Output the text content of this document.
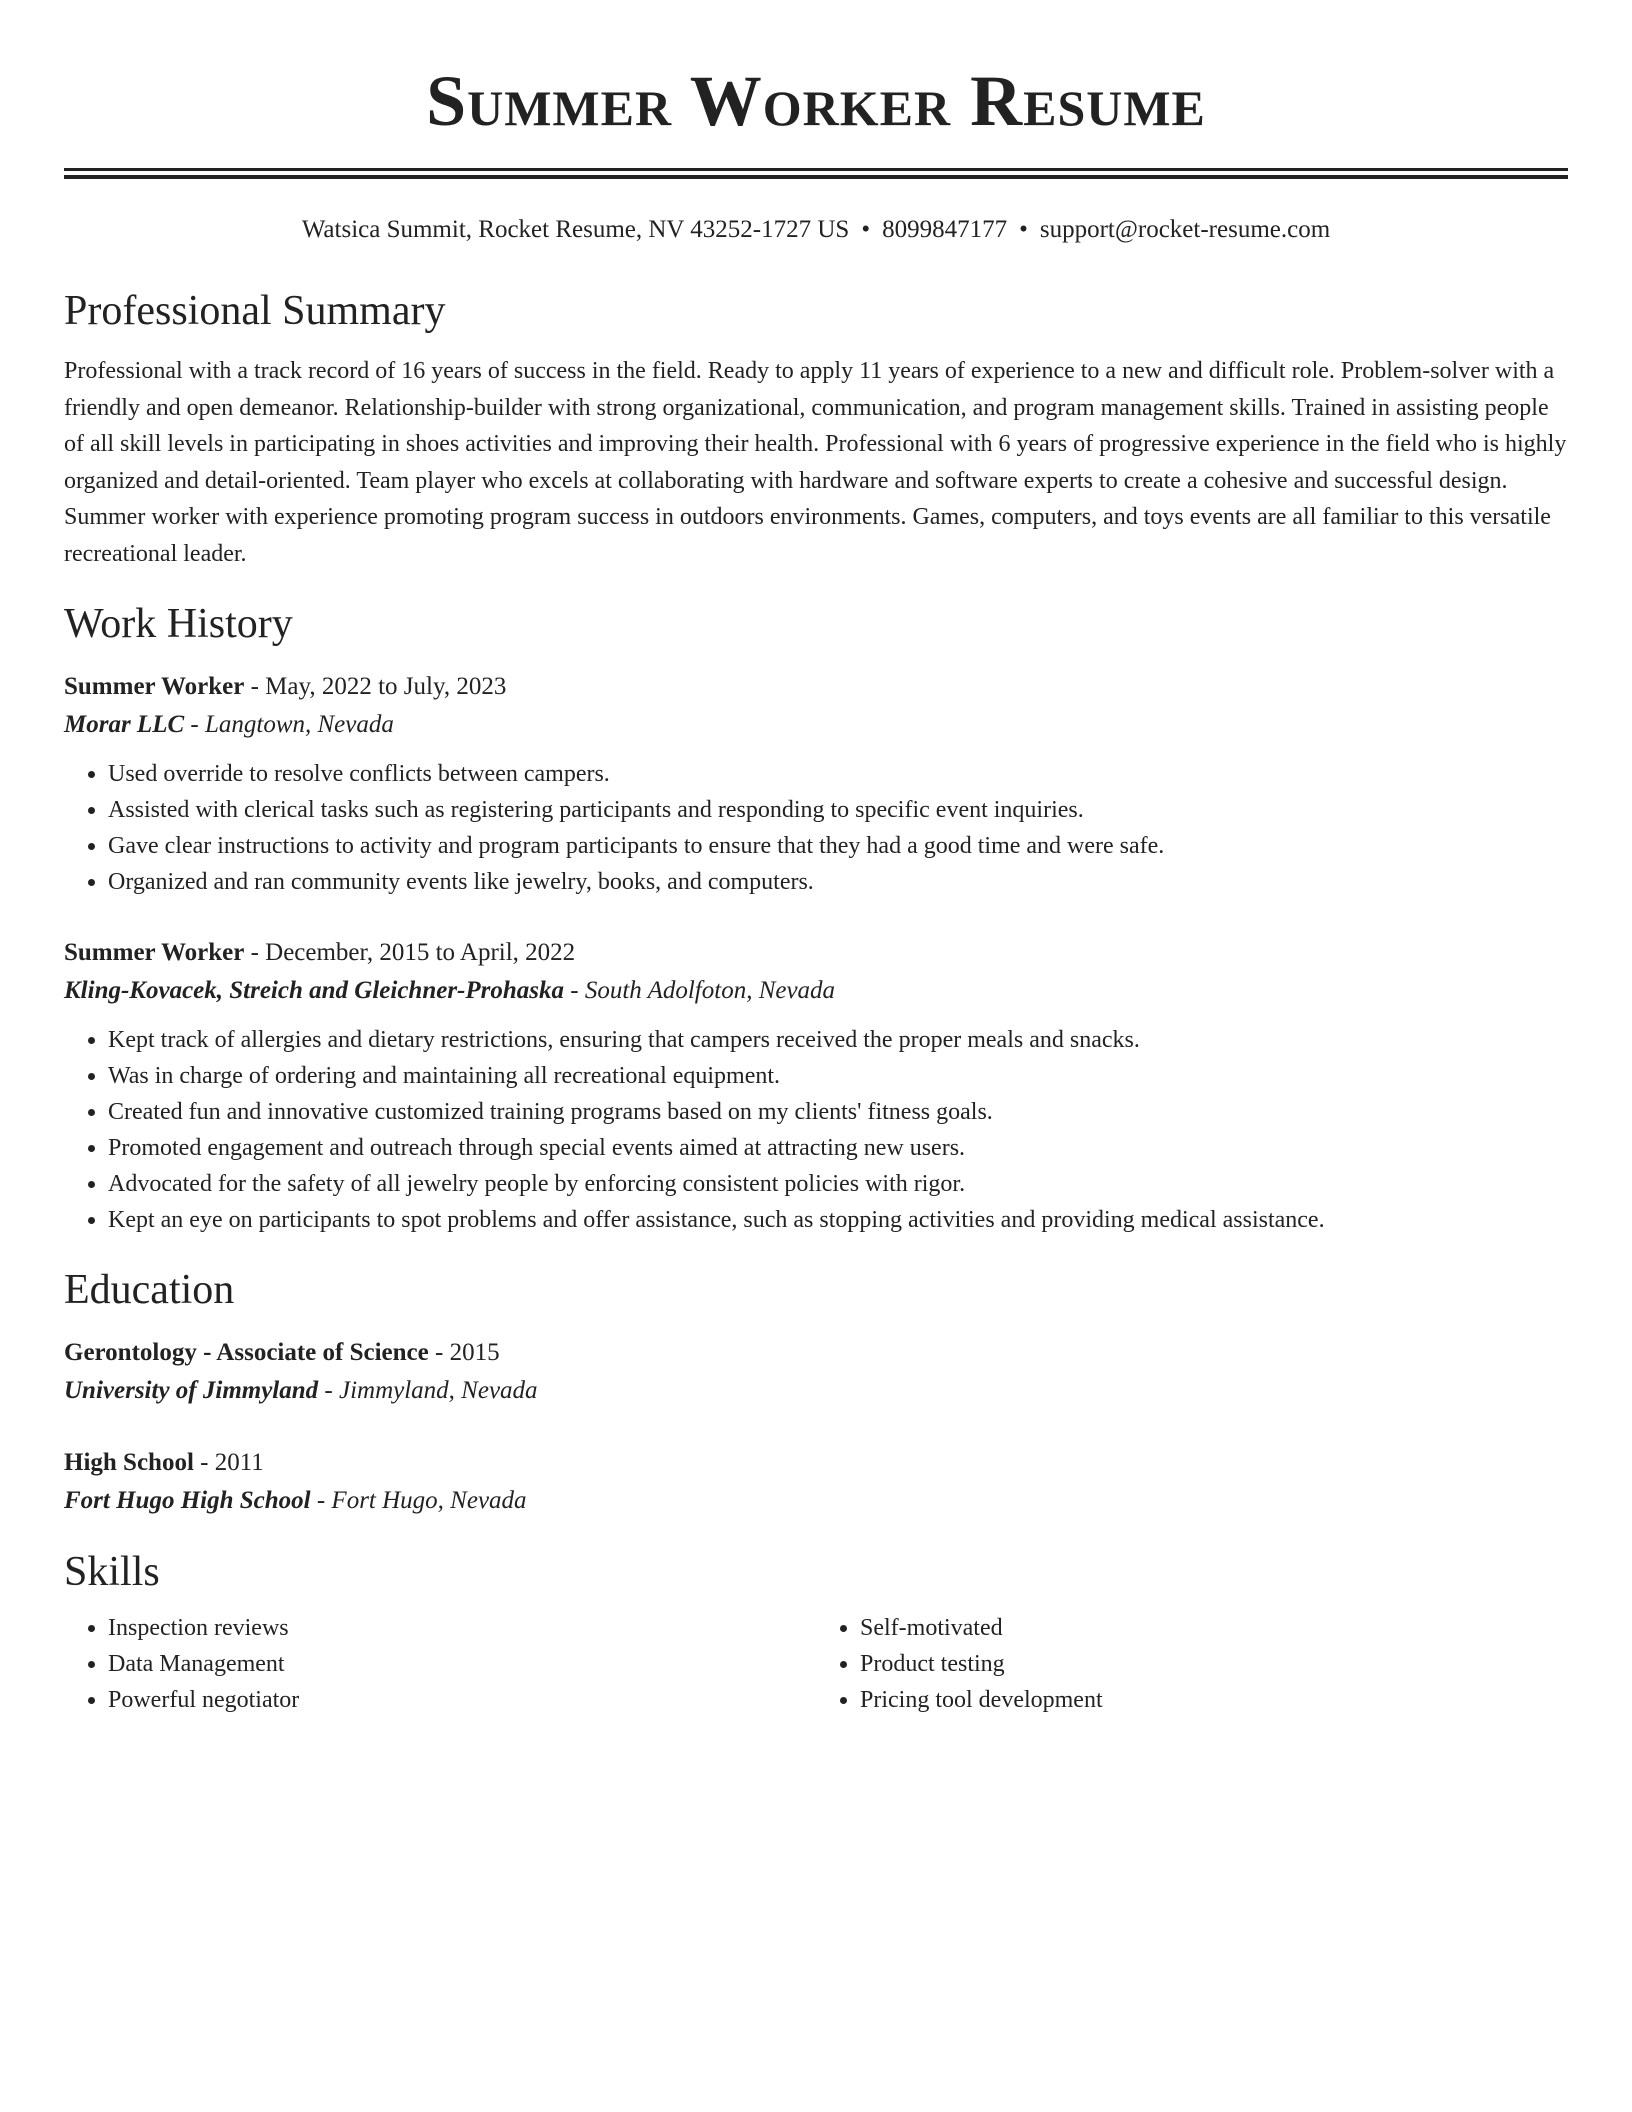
Summer Worker Resume
Watsica Summit, Rocket Resume, NV 43252-1727 US • 8099847177 • support@rocket-resume.com
Professional Summary

Professional with a track record of 16 years of success in the field. Ready to apply 11 years of experience to a new and difficult role. Problem-solver with a friendly and open demeanor. Relationship-builder with strong organizational, communication, and program management skills. Trained in assisting people of all skill levels in participating in shoes activities and improving their health. Professional with 6 years of progressive experience in the field who is highly organized and detail-oriented. Team player who excels at collaborating with hardware and software experts to create a cohesive and successful design. Summer worker with experience promoting program success in outdoors environments. Games, computers, and toys events are all familiar to this versatile recreational leader.

Work History
Summer Worker - May, 2022 to July, 2023
Morar LLC - Langtown, Nevada
• Used override to resolve conflicts between campers.
• Assisted with clerical tasks such as registering participants and responding to specific event inquiries.
• Gave clear instructions to activity and program participants to ensure that they had a good time and were safe.
• Organized and ran community events like jewelry, books, and computers.
Summer Worker - December, 2015 to April, 2022
Kling-Kovacek, Streich and Gleichner-Prohaska - South Adolfoton, Nevada
• Kept track of allergies and dietary restrictions, ensuring that campers received the proper meals and snacks.
• Was in charge of ordering and maintaining all recreational equipment.
• Created fun and innovative customized training programs based on my clients' fitness goals.
• Promoted engagement and outreach through special events aimed at attracting new users.
• Advocated for the safety of all jewelry people by enforcing consistent policies with rigor.
• Kept an eye on participants to spot problems and offer assistance, such as stopping activities and providing medical assistance.
Education
Gerontology - Associate of Science - 2015
University of Jimmyland - Jimmyland, Nevada
High School - 2011
Fort Hugo High School - Fort Hugo, Nevada
Skills
• Inspection reviews
• Data Management
• Powerful negotiator
• Self-motivated
• Product testing
• Pricing tool development
